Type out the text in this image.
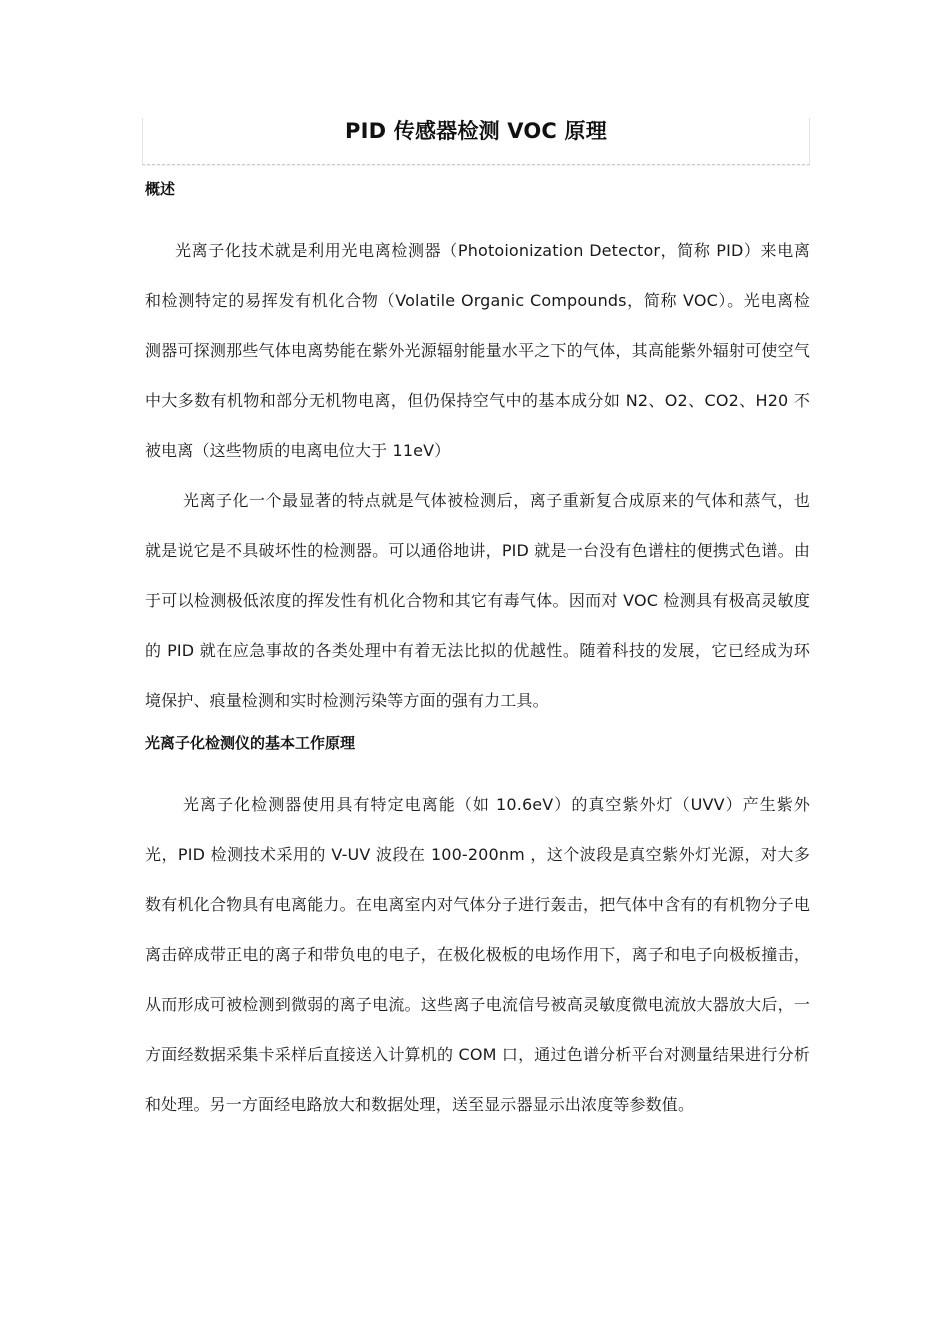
PID 传感器检测 VOC 原理
概述

光离子化技术就是利用光电离检测器（Photoionization Detector，简称 PID）来电离和检测特定的易挥发有机化合物（Volatile Organic Compounds，简称 VOC）。光电离检测器可探测那些气体电离势能在紫外光源辐射能量水平之下的气体，其高能紫外辐射可使空气中大多数有机物和部分无机物电离，但仍保持空气中的基本成分如 N2、O2、CO2、H20 不被电离（这些物质的电离电位大于 11eV）

光离子化一个最显著的特点就是气体被检测后，离子重新复合成原来的气体和蒸气，也就是说它是不具破坏性的检测器。可以通俗地讲，PID 就是一台没有色谱柱的便携式色谱。由于可以检测极低浓度的挥发性有机化合物和其它有毒气体。因而对 VOC 检测具有极高灵敏度的 PID 就在应急事故的各类处理中有着无法比拟的优越性。随着科技的发展，它已经成为环境保护、痕量检测和实时检测污染等方面的强有力工具。

光离子化检测仪的基本工作原理

光离子化检测器使用具有特定电离能（如 10.6eV）的真空紫外灯（UVV）产生紫外光，PID 检测技术采用的 V-UV 波段在 100-200nm ，这个波段是真空紫外灯光源，对大多数有机化合物具有电离能力。在电离室内对气体分子进行轰击，把气体中含有的有机物分子电离击碎成带正电的离子和带负电的电子，在极化极板的电场作用下，离子和电子向极板撞击，从而形成可被检测到微弱的离子电流。这些离子电流信号被高灵敏度微电流放大器放大后，一方面经数据采集卡采样后直接送入计算机的 COM 口，通过色谱分析平台对测量结果进行分析和处理。另一方面经电路放大和数据处理，送至显示器显示出浓度等参数值。
